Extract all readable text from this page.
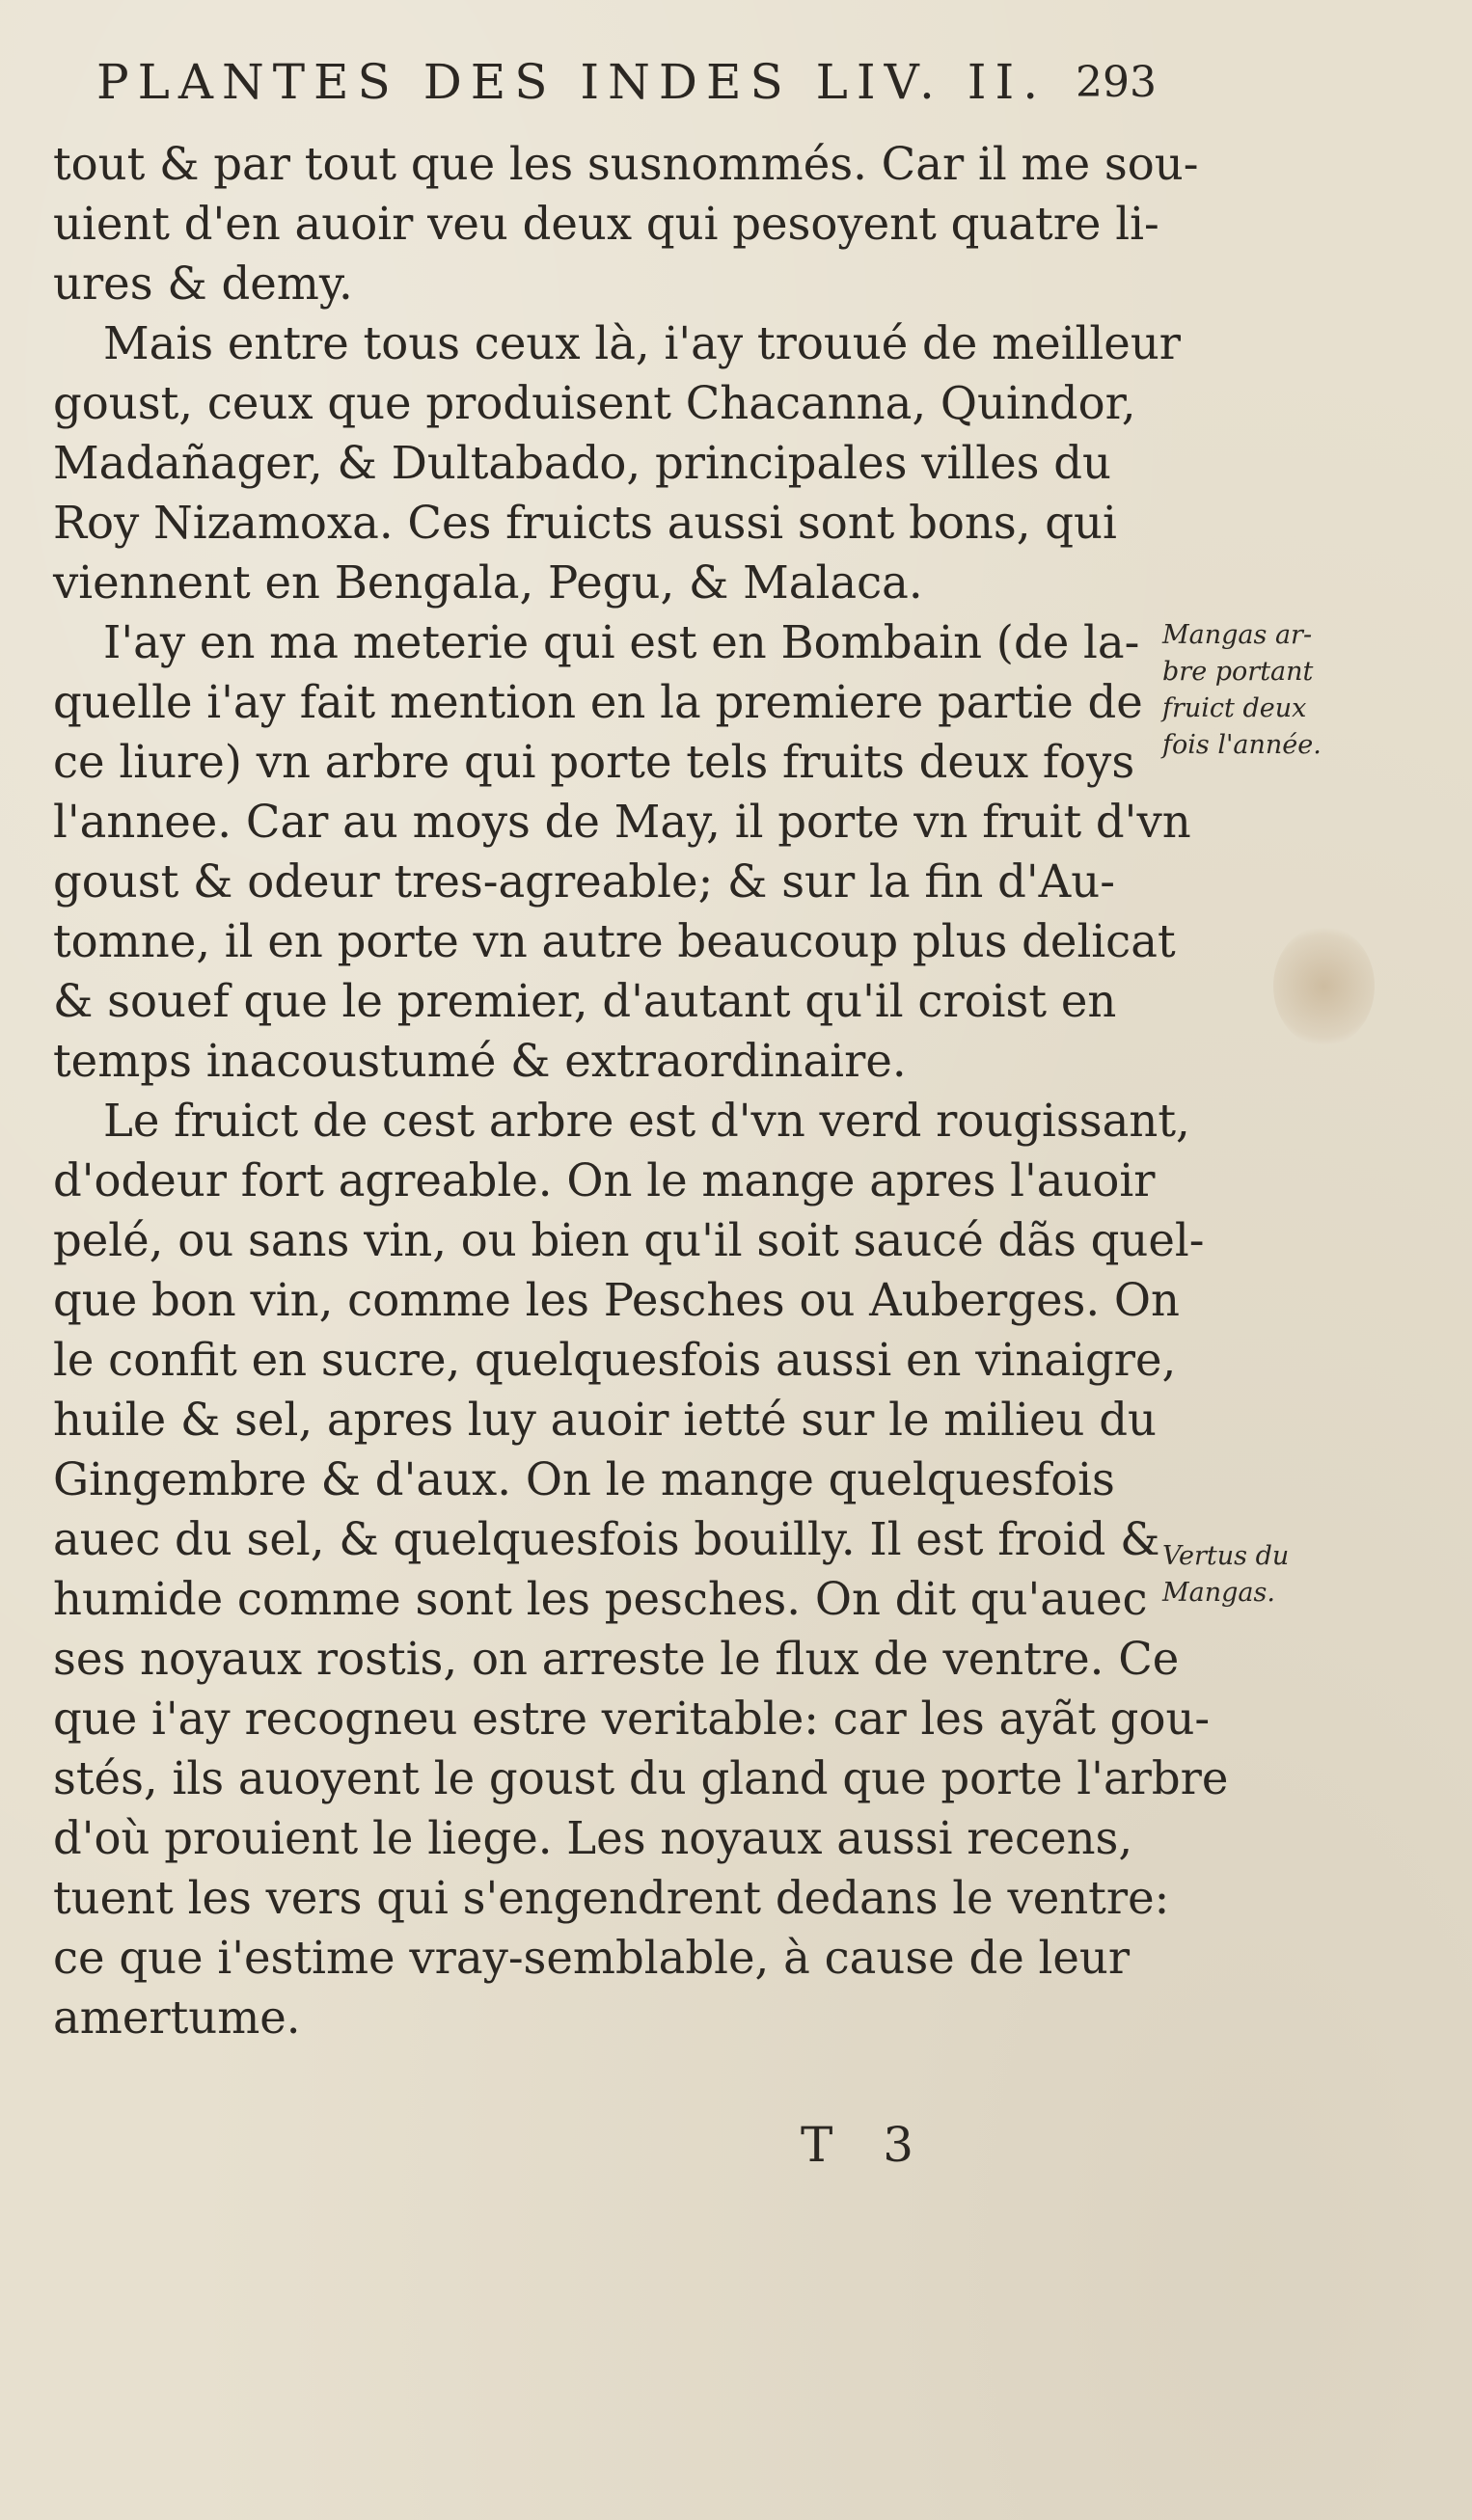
PLANTES DES INDES LIV. II. 293
tout & par tout que les susnommés. Car il me sou-
uient d'en auoir veu deux qui pesoyent quatre li-
ures & demy.
Mais entre tous ceux là, i'ay trouué de meilleur
goust, ceux que produisent Chacanna, Quindor,
Madañager, & Dultabado, principales villes du
Roy Nizamoxa. Ces fruicts aussi sont bons, qui
viennent en Bengala, Pegu, & Malaca.
I'ay en ma meterie qui est en Bombain (de la-
quelle i'ay fait mention en la premiere partie de
ce liure) vn arbre qui porte tels fruits deux foys
l'annee. Car au moys de May, il porte vn fruit d'vn
goust & odeur tres-agreable; & sur la fin d'Au-
tomne, il en porte vn autre beaucoup plus delicat
& souef que le premier, d'autant qu'il croist en
temps inacoustumé & extraordinaire.
Le fruict de cest arbre est d'vn verd rougissant,
d'odeur fort agreable. On le mange apres l'auoir
pelé, ou sans vin, ou bien qu'il soit saucé dãs quel-
que bon vin, comme les Pesches ou Auberges. On
le confit en sucre, quelquesfois aussi en vinaigre,
huile & sel, apres luy auoir ietté sur le milieu du
Gingembre & d'aux. On le mange quelquesfois
auec du sel, & quelquesfois bouilly. Il est froid &
humide comme sont les pesches. On dit qu'auec
ses noyaux rostis, on arreste le flux de ventre. Ce
que i'ay recogneu estre veritable: car les ayãt gou-
stés, ils auoyent le goust du gland que porte l'arbre
d'où prouient le liege. Les noyaux aussi recens,
tuent les vers qui s'engendrent dedans le ventre:
ce que i'estime vray-semblable, à cause de leur
amertume.
Mangas ar-
bre portant
fruict deux
fois l'année.
Vertus du
Mangas.
T 3
